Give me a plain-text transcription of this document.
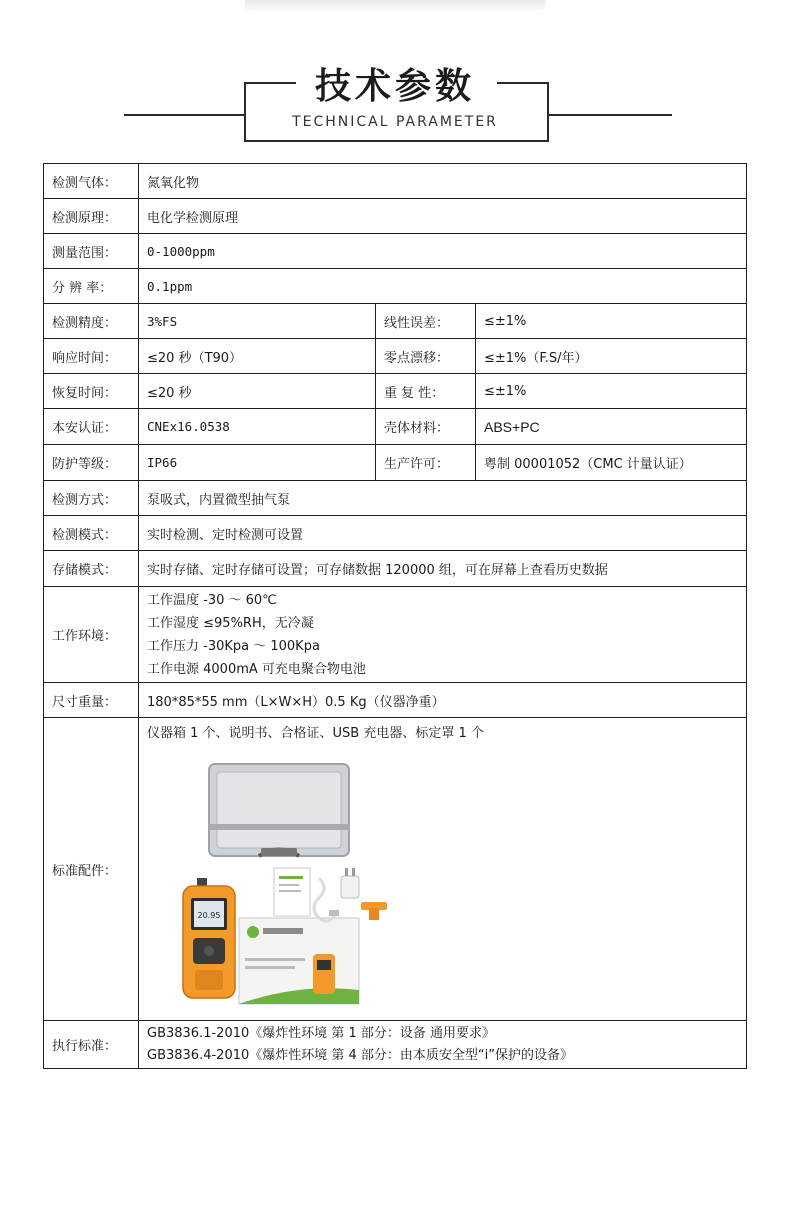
技术参数
TECHNICAL PARAMETER
检测气体：	氮氧化物		
检测原理：	电化学检测原理		
测量范围：	0-1000ppm		
分 辨 率：	0.1ppm		
检测精度：	3%FS	线性误差：	≤±1%
响应时间：	≤20 秒（T90）	零点漂移：	≤±1%（F.S/年）
恢复时间：	≤20 秒	重 复 性：	≤±1%
本安认证：	CNEx16.0538	壳体材料：	ABS+PC
防护等级：	IP66	生产许可：	粤制 00001052（CMC 计量认证）
检测方式：	泵吸式，内置微型抽气泵		
检测模式：	实时检测、定时检测可设置		
存储模式：	实时存储、定时存储可设置；可存储数据 120000 组，可在屏幕上查看历史数据		
工作环境：	工作温度 -30 ～ 60℃
工作湿度 ≤95%RH，无冷凝
工作压力 -30Kpa ～ 100Kpa
工作电源 4000mA 可充电聚合物电池		

尺寸重量：	180*85*55 mm（L×W×H）0.5 Kg（仪器净重）		
标准配件：	仪器箱 1 个、说明书、合格证、USB 充电器、标定罩 1 个
20.95		

执行标准：	GB3836.1-2010《爆炸性环境 第 1 部分：设备 通用要求》
GB3836.4-2010《爆炸性环境 第 4 部分：由本质安全型“i”保护的设备》		
